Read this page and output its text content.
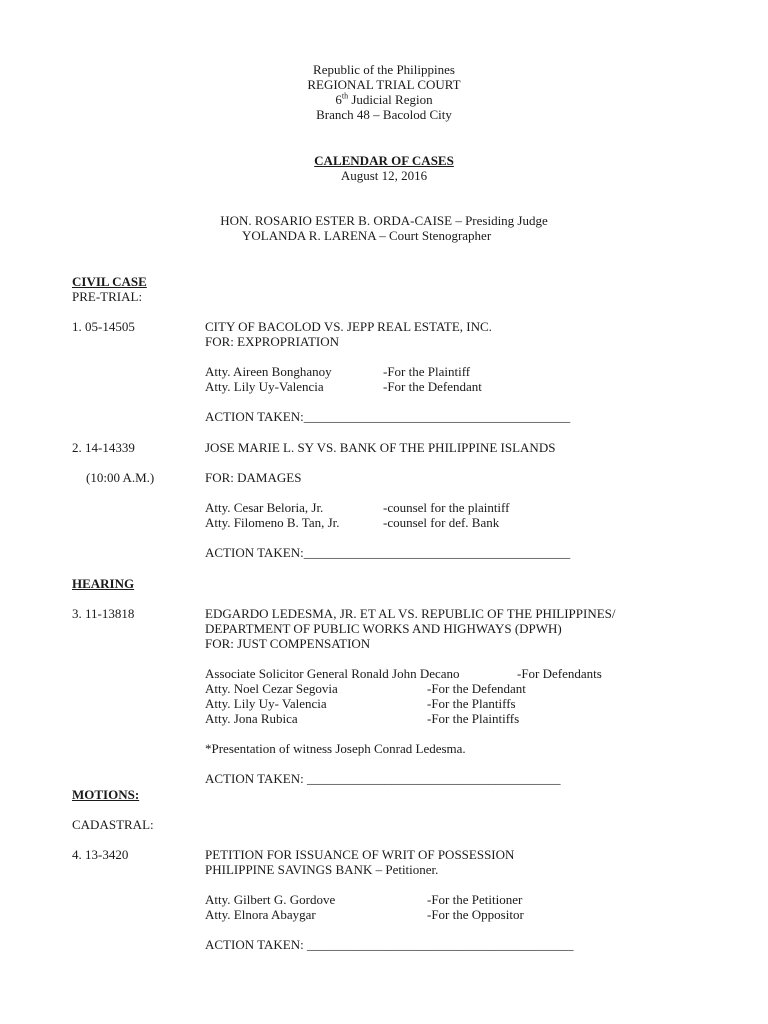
Republic of the Philippines
REGIONAL TRIAL COURT
6th Judicial Region
Branch 48 – Bacolod City
CALENDAR OF CASES
August 12, 2016
HON. ROSARIO ESTER B. ORDA-CAISE – Presiding Judge
YOLANDA R. LARENA – Court Stenographer
CIVIL CASE
PRE-TRIAL:
1. 05-14505	CITY OF BACOLOD VS. JEPP REAL ESTATE, INC.
FOR: EXPROPRIATION
Atty. Aireen Bonghanoy	-For the Plaintiff
Atty. Lily Uy-Valencia	-For the Defendant
ACTION TAKEN:_________________________________________
2. 14-14339	JOSE MARIE L. SY VS. BANK OF THE PHILIPPINE ISLANDS
(10:00 A.M.)	FOR: DAMAGES
Atty. Cesar Beloria, Jr.	-counsel for the plaintiff
Atty. Filomeno B. Tan, Jr.	-counsel for def. Bank
ACTION TAKEN:_________________________________________
HEARING
3. 11-13818	EDGARDO LEDESMA, JR. ET AL VS. REPUBLIC OF THE PHILIPPINES/
DEPARTMENT OF PUBLIC WORKS AND HIGHWAYS (DPWH)
FOR: JUST COMPENSATION
Associate Solicitor General Ronald John Decano	-For Defendants
Atty. Noel Cezar Segovia	-For the Defendant
Atty. Lily Uy- Valencia	-For the Plantiffs
Atty. Jona Rubica	-For the Plaintiffs
*Presentation of witness Joseph Conrad Ledesma.
ACTION TAKEN: _______________________________________
MOTIONS:
CADASTRAL:
4. 13-3420	PETITION FOR ISSUANCE OF WRIT OF POSSESSION
PHILIPPINE SAVINGS BANK – Petitioner.
Atty. Gilbert G. Gordove	-For the Petitioner
Atty. Elnora Abaygar	-For the Oppositor
ACTION TAKEN: _________________________________________
